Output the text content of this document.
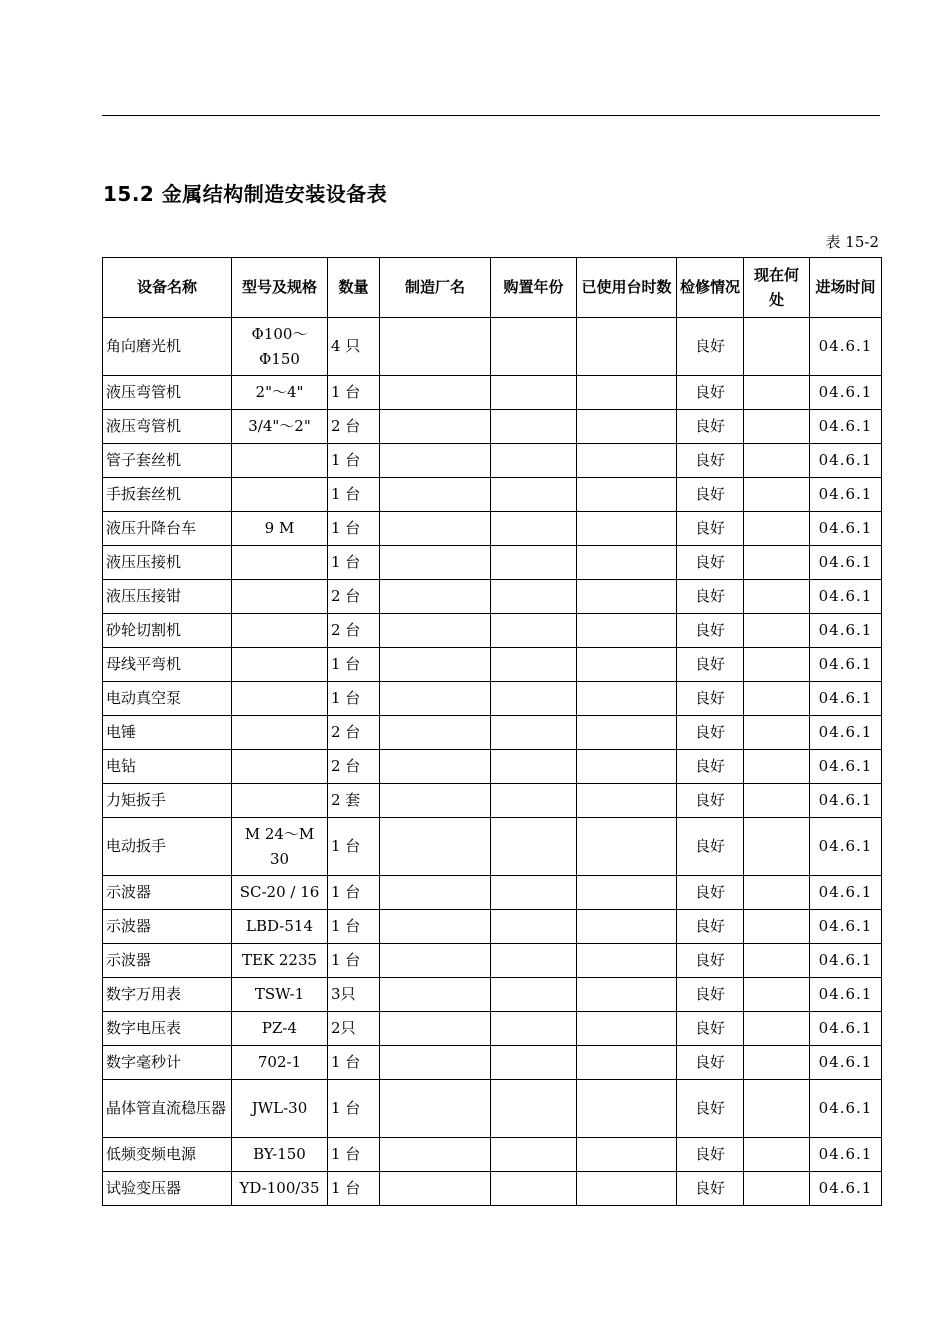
15.2 金属结构制造安装设备表
表 15-2
设备名称	型号及规格	数量	制造厂名	购置年份	已使用台时数	检修情况	现在何处	进场时间
角向磨光机	Φ100～Φ150	4 只				良好		04.6.1
液压弯管机	2"～4"	1 台				良好		04.6.1
液压弯管机	3/4"～2"	2 台				良好		04.6.1
管子套丝机		1 台				良好		04.6.1
手扳套丝机		1 台				良好		04.6.1
液压升降台车	9 M	1 台				良好		04.6.1
液压压接机		1 台				良好		04.6.1
液压压接钳		2 台				良好		04.6.1
砂轮切割机		2 台				良好		04.6.1
母线平弯机		1 台				良好		04.6.1
电动真空泵		1 台				良好		04.6.1
电锤		2 台				良好		04.6.1
电钻		2 台				良好		04.6.1
力矩扳手		2 套				良好		04.6.1
电动扳手	M 24～M 30	1 台				良好		04.6.1
示波器	SC-20 / 16	1 台				良好		04.6.1
示波器	LBD-514	1 台				良好		04.6.1
示波器	TEK 2235	1 台				良好		04.6.1
数字万用表	TSW-1	3只				良好		04.6.1
数字电压表	PZ-4	2只				良好		04.6.1
数字毫秒计	702-1	1 台				良好		04.6.1
晶体管直流稳压器	JWL-30	1 台				良好		04.6.1
低频变频电源	BY-150	1 台				良好		04.6.1
试验变压器	YD-100/35	1 台				良好		04.6.1
